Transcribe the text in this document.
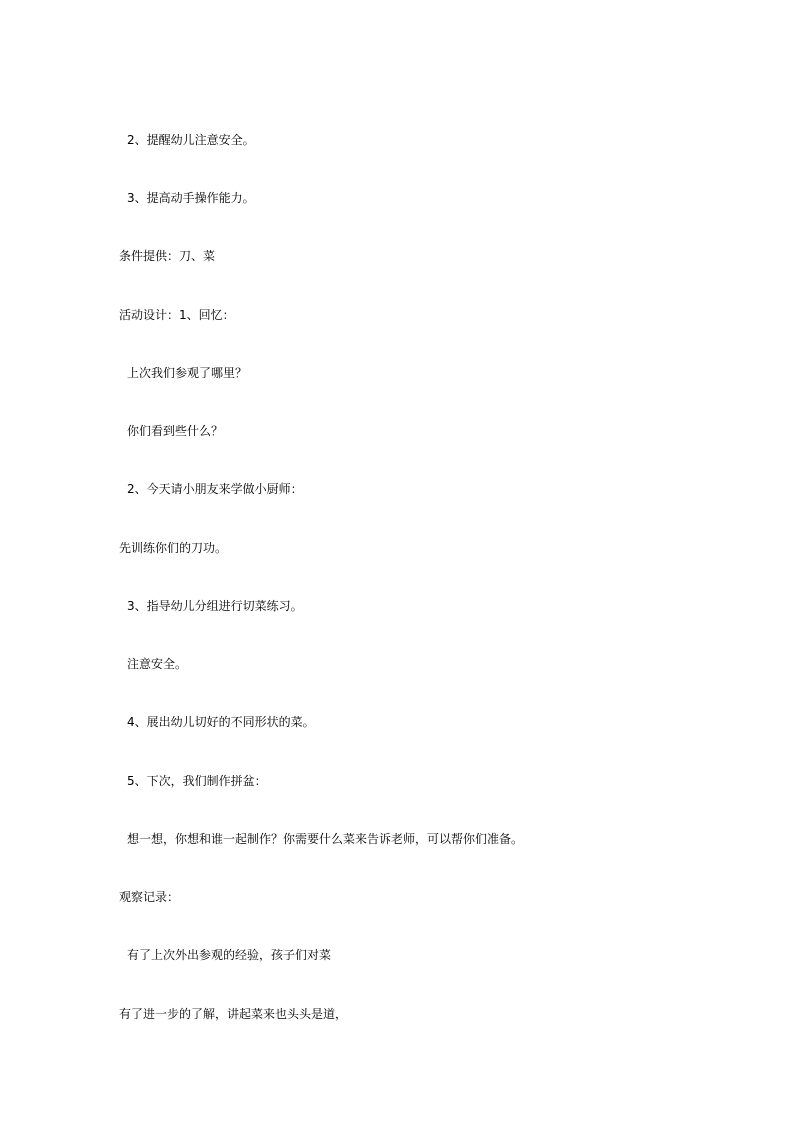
2、提醒幼儿注意安全。
3、提高动手操作能力。
条件提供：刀、菜
活动设计：1、回忆：
上次我们参观了哪里？
你们看到些什么？
2、今天请小朋友来学做小厨师：
先训练你们的刀功。
3、指导幼儿分组进行切菜练习。
注意安全。
4、展出幼儿切好的不同形状的菜。
5、下次，我们制作拼盆：
想一想，你想和谁一起制作？你需要什么菜来告诉老师，可以帮你们准备。
观察记录：
有了上次外出参观的经验，孩子们对菜
有了进一步的了解，讲起菜来也头头是道，
